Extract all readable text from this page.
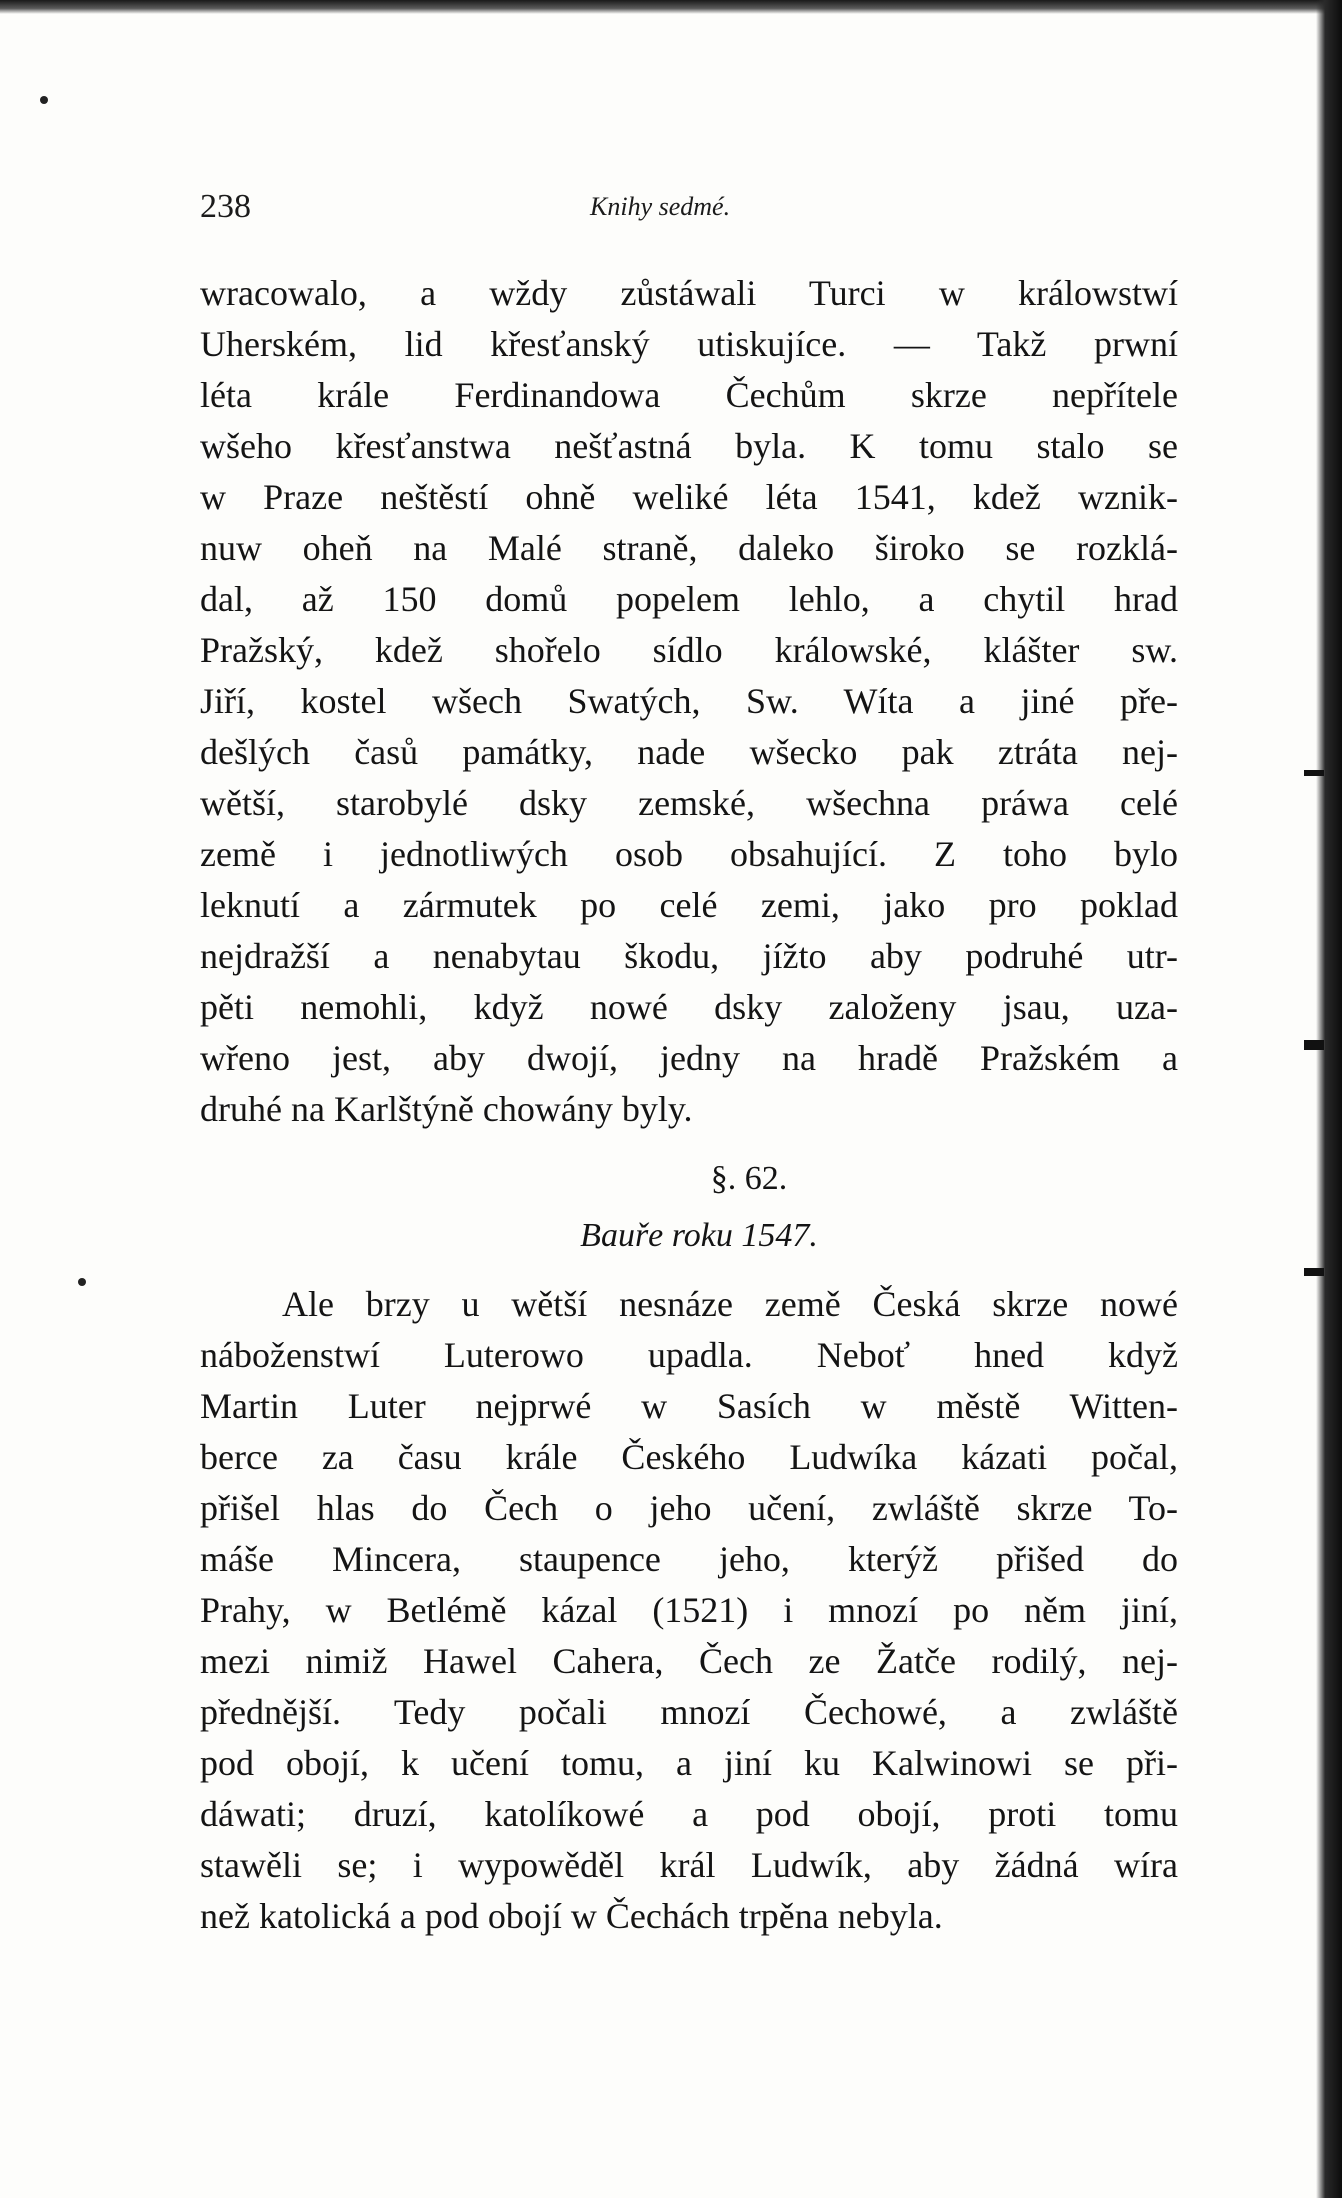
238	Knihy sedmé.
wracowalo, a wždy zůstáwali Turci w králowstwí
Uherském, lid křesťanský utiskujíce. — Takž prwní
léta krále Ferdinandowa Čechům skrze nepřítele
wšeho křesťanstwa nešťastná byla. K tomu stalo se
w Praze neštěstí ohně weliké léta 1541, kdež wznik-
nuw oheň na Malé straně, daleko široko se rozklá-
dal, až 150 domů popelem lehlo, a chytil hrad
Pražský, kdež shořelo sídlo králowské, klášter sw.
Jiří, kostel wšech Swatých, Sw. Wíta a jiné pře-
dešlých časů památky, nade wšecko pak ztráta nej-
wětší, starobylé dsky zemské, wšechna práwa celé
země i jednotliwých osob obsahující. Z toho bylo
leknutí a zármutek po celé zemi, jako pro poklad
nejdražší a nenabytau škodu, jížto aby podruhé utr-
pěti nemohli, když nowé dsky založeny jsau, uza-
wřeno jest, aby dwojí, jedny na hradě Pražském a
druhé na Karlštýně chowány byly.
§. 62.
Bauře roku 1547.
Ale brzy u wětší nesnáze země Česká skrze nowé
náboženstwí Luterowo upadla. Neboť hned když
Martin Luter nejprwé w Sasích w městě Witten-
berce za času krále Českého Ludwíka kázati počal,
přišel hlas do Čech o jeho učení, zwláště skrze To-
máše Mincera, staupence jeho, kterýž přišed do
Prahy, w Betlémě kázal (1521) i mnozí po něm jiní,
mezi nimiž Hawel Cahera, Čech ze Žatče rodilý, nej-
přednější. Tedy počali mnozí Čechowé, a zwláště
pod obojí, k učení tomu, a jiní ku Kalwinowi se při-
dáwati; druzí, katolíkowé a pod obojí, proti tomu
stawěli se; i wypowěděl král Ludwík, aby žádná wíra
než katolická a pod obojí w Čechách trpěna nebyla.
